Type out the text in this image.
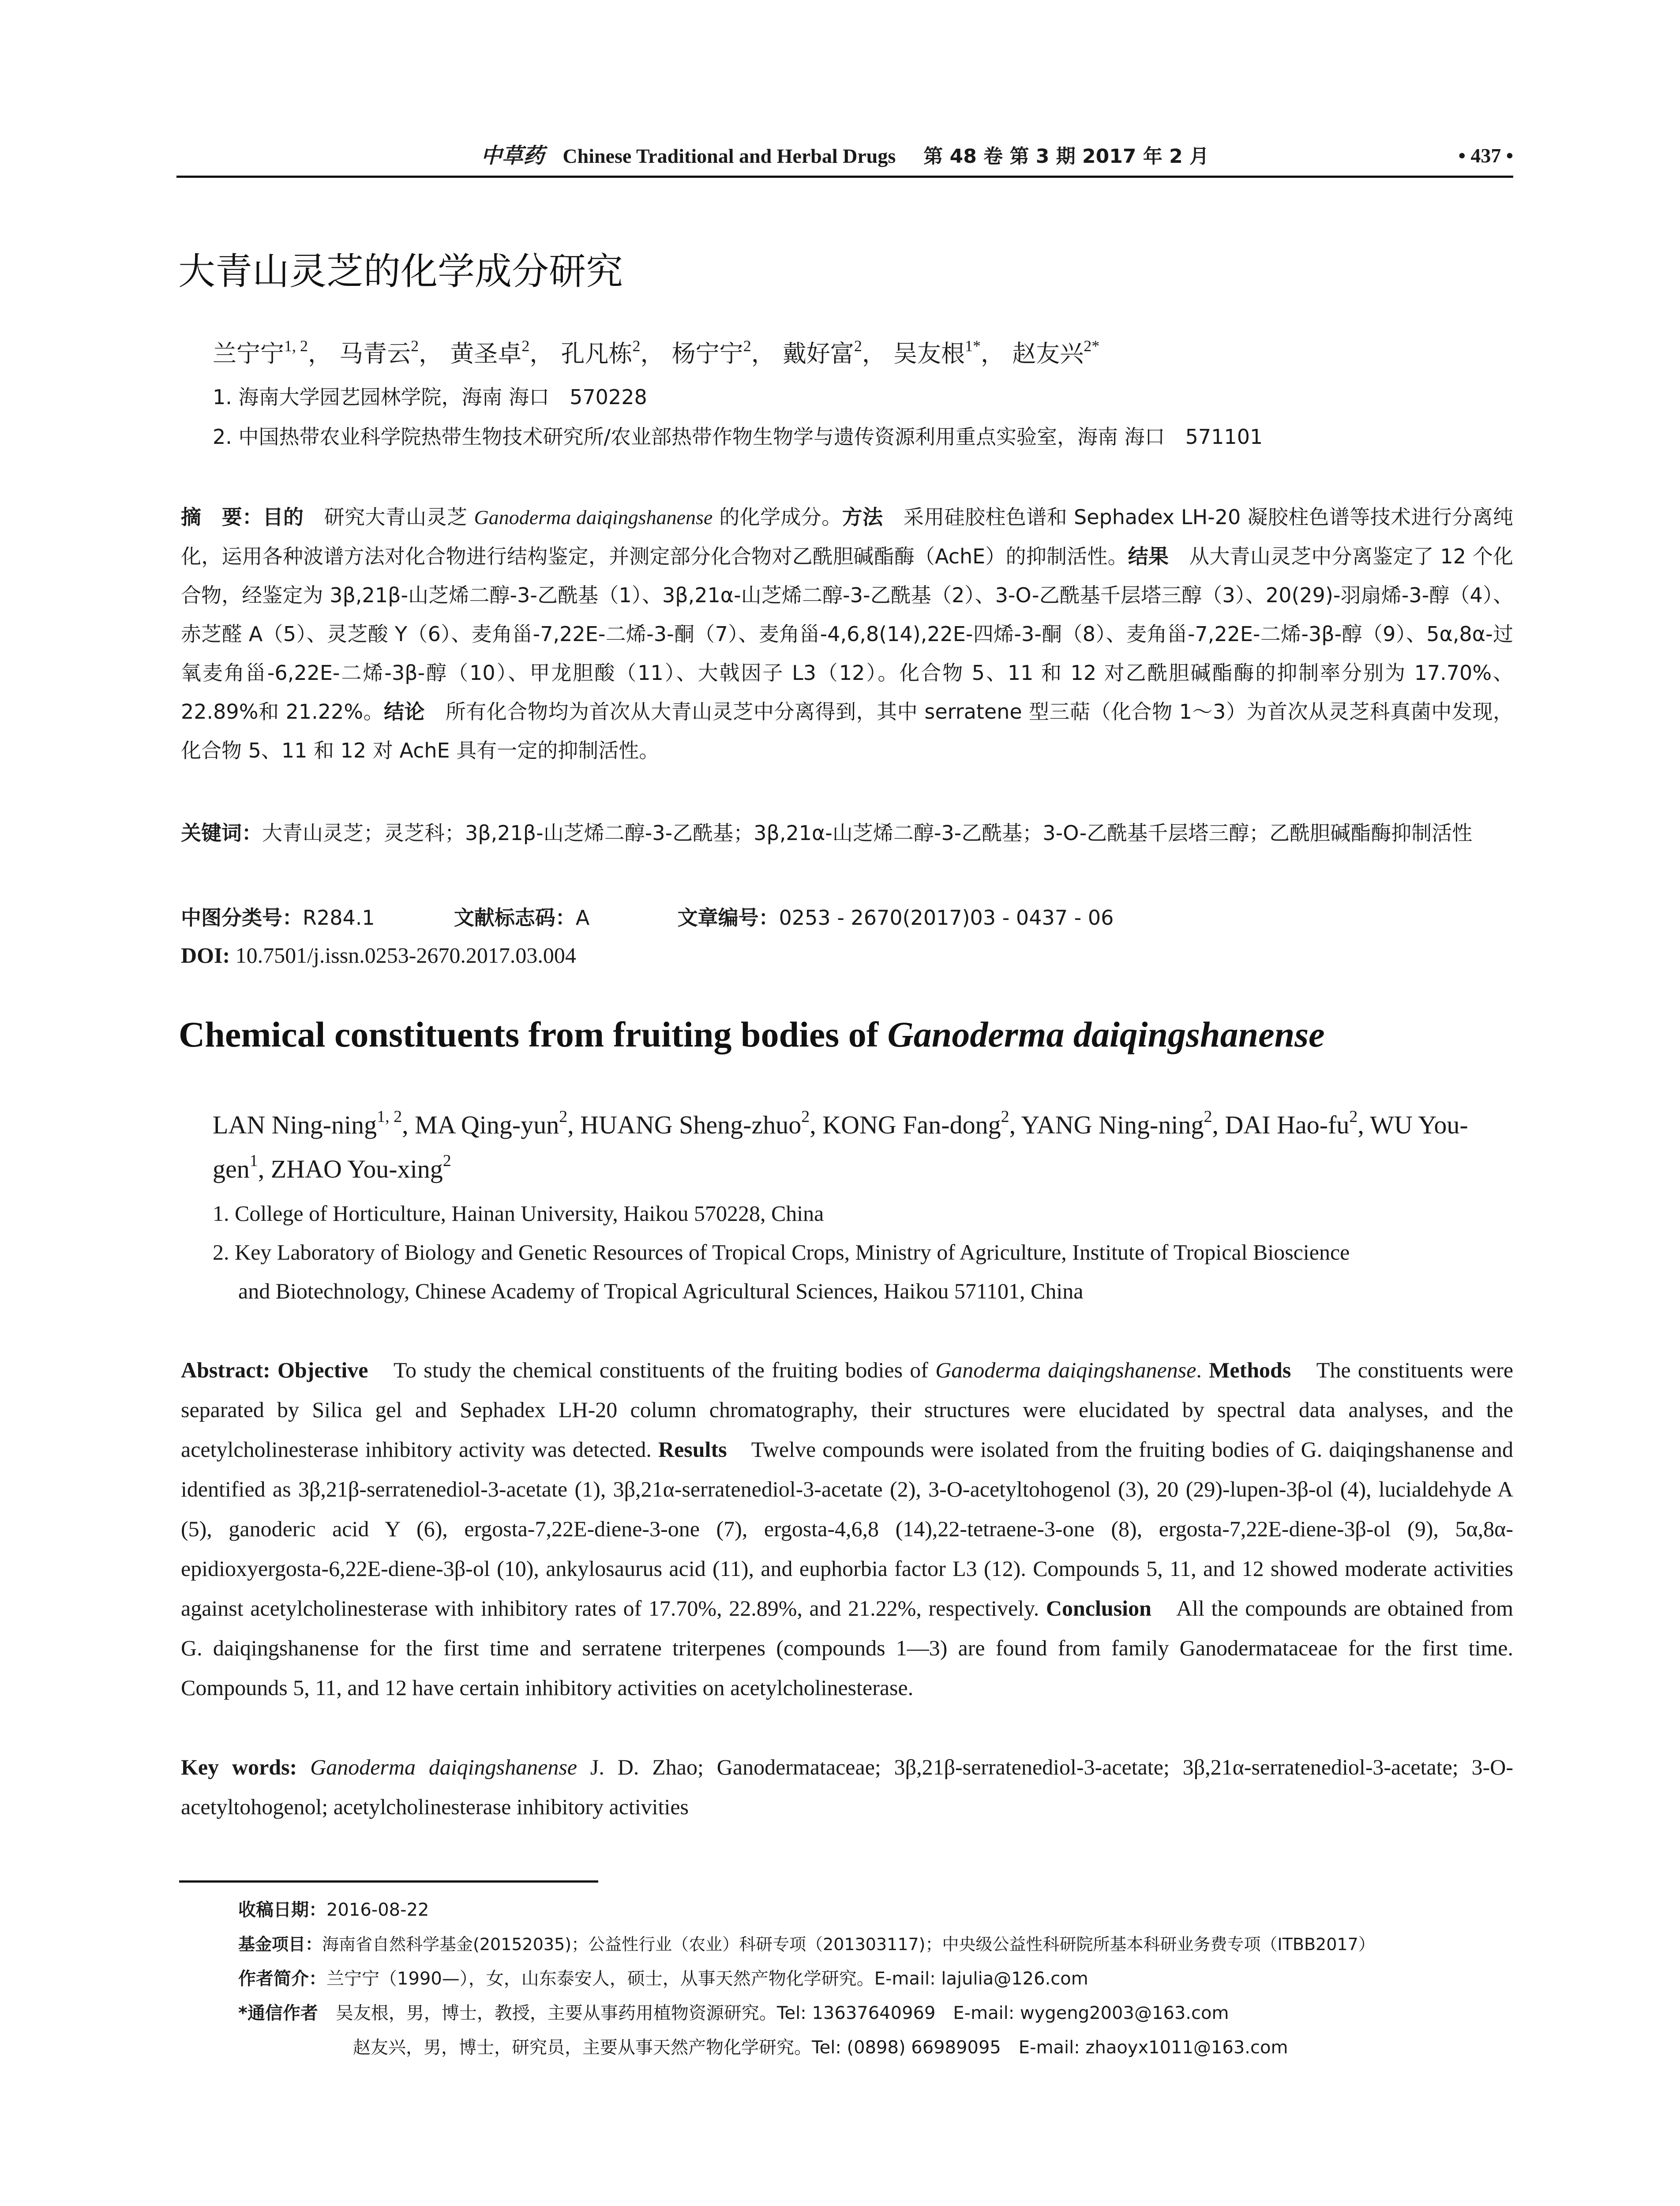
中草药 Chinese Traditional and Herbal Drugs 第 48 卷 第 3 期 2017 年 2 月	• 437 •
大青山灵芝的化学成分研究
兰宁宁$^{1, 2}$， 马青云$^2$， 黄圣卓$^2$， 孔凡栋$^2$， 杨宁宁$^2$， 戴好富$^2$， 吴友根$^{1*}$， 赵友兴$^{2*}$
1. 海南大学园艺园林学院，海南 海口　570228
2. 中国热带农业科学院热带生物技术研究所/农业部热带作物生物学与遗传资源利用重点实验室，海南 海口　571101
摘　要：目的　研究大青山灵芝 Ganoderma daiqingshanense 的化学成分。方法　采用硅胶柱色谱和 Sephadex LH-20 凝胶柱色谱等技术进行分离纯化，运用各种波谱方法对化合物进行结构鉴定，并测定部分化合物对乙酰胆碱酯酶（AchE）的抑制活性。结果　从大青山灵芝中分离鉴定了 12 个化合物，经鉴定为 3β,21β-山芝烯二醇-3-乙酰基（1）、3β,21α-山芝烯二醇-3-乙酰基（2）、3-O-乙酰基千层塔三醇（3）、20(29)-羽扇烯-3-醇（4）、赤芝醛 A（5）、灵芝酸 Y（6）、麦角甾-7,22E-二烯-3-酮（7）、麦角甾-4,6,8(14),22E-四烯-3-酮（8）、麦角甾-7,22E-二烯-3β-醇（9）、5α,8α-过氧麦角甾-6,22E-二烯-3β-醇（10）、甲龙胆酸（11）、大戟因子 L3（12）。化合物 5、11 和 12 对乙酰胆碱酯酶的抑制率分别为 17.70%、22.89%和 21.22%。结论　所有化合物均为首次从大青山灵芝中分离得到，其中 serratene 型三萜（化合物 1～3）为首次从灵芝科真菌中发现，化合物 5、11 和 12 对 AchE 具有一定的抑制活性。
关键词：大青山灵芝；灵芝科；3β,21β-山芝烯二醇-3-乙酰基；3β,21α-山芝烯二醇-3-乙酰基；3-O-乙酰基千层塔三醇；乙酰胆碱酯酶抑制活性
中图分类号：R284.1	文献标志码：A	文章编号：0253 - 2670(2017)03 - 0437 - 06
DOI: 10.7501/j.issn.0253-2670.2017.03.004
Chemical constituents from fruiting bodies of Ganoderma daiqingshanense
LAN Ning-ning$^{1, 2}$, MA Qing-yun$^2$, HUANG Sheng-zhuo$^2$, KONG Fan-dong$^2$, YANG Ning-ning$^2$, DAI Hao-$fu^2$, WU You-gen$^1$, ZHAO You-xing$^2$
1. College of Horticulture, Hainan University, Haikou 570228, China
2. Key Laboratory of Biology and Genetic Resources of Tropical Crops, Ministry of Agriculture, Institute of Tropical Bioscience
and Biotechnology, Chinese Academy of Tropical Agricultural Sciences, Haikou 571101, China
Abstract: Objective　To study the chemical constituents of the fruiting bodies of Ganoderma daiqingshanense. Methods　The constituents were separated by Silica gel and Sephadex LH-20 column chromatography, their structures were elucidated by spectral data analyses, and the acetylcholinesterase inhibitory activity was detected. Results　Twelve compounds were isolated from the fruiting bodies of G. daiqingshanense and identified as 3β,21β-serratenediol-3-acetate (1), 3β,21α-serratenediol-3-acetate (2), 3-O-acetyltohogenol (3), 20 (29)-lupen-3β-ol (4), lucialdehyde A (5), ganoderic acid Y (6), ergosta-7,22E-diene-3-one (7), ergosta-4,6,8 (14),22-tetraene-3-one (8), ergosta-7,22E-diene-3β-ol (9), 5α,8α-epidioxyergosta-6,22E-diene-3β-ol (10), ankylosaurus acid (11), and euphorbia factor L3 (12). Compounds 5, 11, and 12 showed moderate activities against acetylcholinesterase with inhibitory rates of 17.70%, 22.89%, and 21.22%, respectively. Conclusion　All the compounds are obtained from G. daiqingshanense for the first time and serratene triterpenes (compounds 1—3) are found from family Ganodermataceae for the first time. Compounds 5, 11, and 12 have certain inhibitory activities on acetylcholinesterase.
Key words: Ganoderma daiqingshanense J. D. Zhao; Ganodermataceae; 3β,21β-serratenediol-3-acetate; 3β,21α-serratenediol-3-acetate; 3-O-acetyltohogenol; acetylcholinesterase inhibitory activities
收稿日期：2016-08-22
基金项目：海南省自然科学基金(20152035)；公益性行业（农业）科研专项（201303117)；中央级公益性科研院所基本科研业务费专项（ITBB2017）
作者简介：兰宁宁（1990—），女，山东泰安人，硕士，从事天然产物化学研究。E-mail: lajulia@126.com
*通信作者　吴友根，男，博士，教授，主要从事药用植物资源研究。Tel: 13637640969　E-mail: wygeng2003@163.com
赵友兴，男，博士，研究员，主要从事天然产物化学研究。Tel: (0898) 66989095　E-mail: zhaoyx1011@163.com
